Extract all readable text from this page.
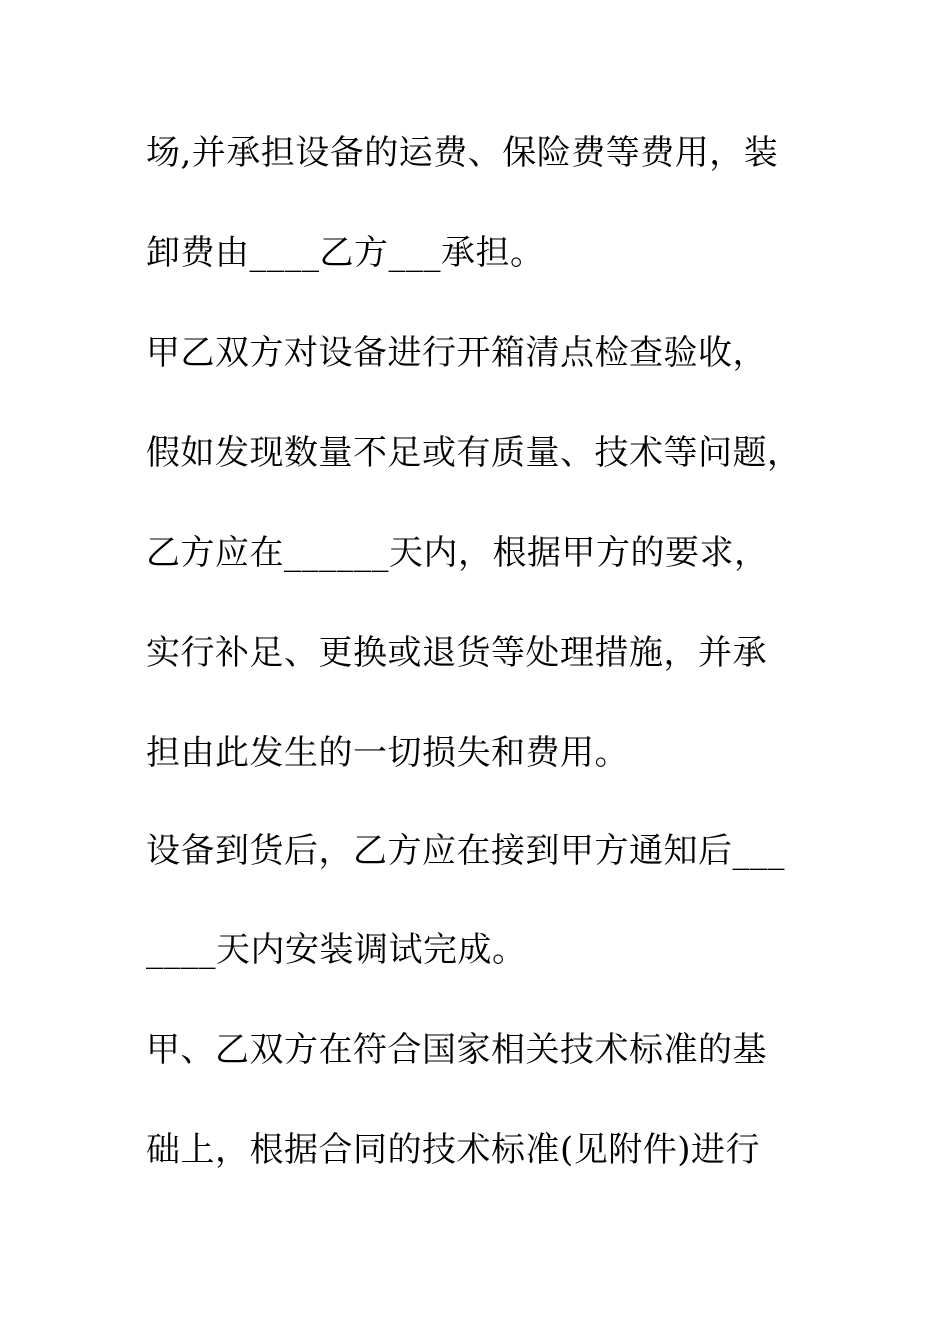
场,并承担设备的运费、保险费等费用，装
卸费由____乙方___承担。
甲乙双方对设备进行开箱清点检查验收，
假如发现数量不足或有质量、技术等问题，
乙方应在______天内，根据甲方的要求，
实行补足、更换或退货等处理措施，并承
担由此发生的一切损失和费用。
设备到货后，乙方应在接到甲方通知后___
____天内安装调试完成。
甲、乙双方在符合国家相关技术标准的基
础上，根据合同的技术标准(见附件)进行
